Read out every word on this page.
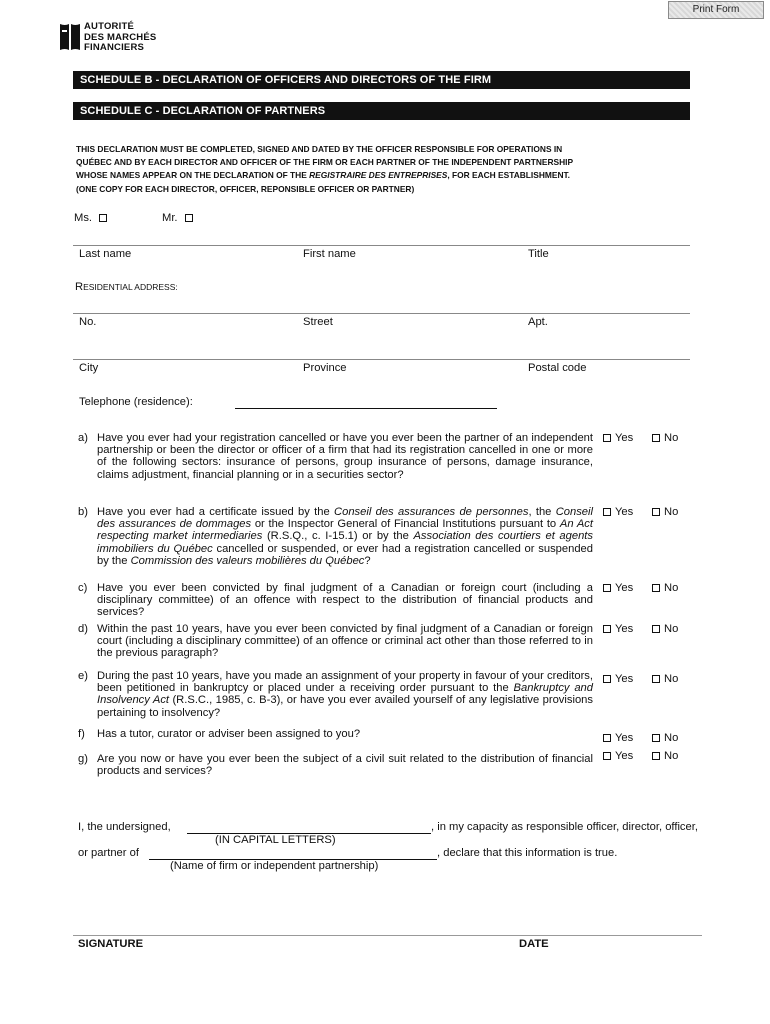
Print Form
AUTORITÉ
DES MARCHÉS
FINANCIERS
SCHEDULE B - DECLARATION OF OFFICERS AND DIRECTORS OF THE FIRM
SCHEDULE C - DECLARATION OF PARTNERS
THIS DECLARATION MUST BE COMPLETED, SIGNED AND DATED BY THE OFFICER RESPONSIBLE FOR OPERATIONS IN
QUÉBEC AND BY EACH DIRECTOR AND OFFICER OF THE FIRM OR EACH PARTNER OF THE INDEPENDENT PARTNERSHIP
WHOSE NAMES APPEAR ON THE DECLARATION OF THE REGISTRAIRE DES ENTREPRISES, FOR EACH ESTABLISHMENT.
(ONE COPY FOR EACH DIRECTOR, OFFICER, REPONSIBLE OFFICER OR PARTNER)
Ms.	Mr.
Last name	First name	Title
RESIDENTIAL ADDRESS:
No.	Street	Apt.
City	Province	Postal code
Telephone (residence):
a) Have you ever had your registration cancelled or have you ever been the partner of an independent partnership or been the director or officer of a firm that had its registration cancelled in one or more of the following sectors: insurance of persons, group insurance of persons, damage insurance, claims adjustment, financial planning or in a securities sector?
Yes	No
b) Have you ever had a certificate issued by the Conseil des assurances de personnes, the Conseil des assurances de dommages or the Inspector General of Financial Institutions pursuant to An Act respecting market intermediaries (R.S.Q., c. I-15.1) or by the Association des courtiers et agents immobiliers du Québec cancelled or suspended, or ever had a registration cancelled or suspended by the Commission des valeurs mobilières du Québec?
Yes	No
c) Have you ever been convicted by final judgment of a Canadian or foreign court (including a disciplinary committee) of an offence with respect to the distribution of financial products and services?
Yes	No
d) Within the past 10 years, have you ever been convicted by final judgment of a Canadian or foreign court (including a disciplinary committee) of an offence or criminal act other than those referred to in the previous paragraph?
Yes	No
e) During the past 10 years, have you made an assignment of your property in favour of your creditors, been petitioned in bankruptcy or placed under a receiving order pursuant to the Bankruptcy and Insolvency Act (R.S.C., 1985, c. B-3), or have you ever availed yourself of any legislative provisions pertaining to insolvency?
Yes	No
f)	Has a tutor, curator or adviser been assigned to you?	Yes	No
g) Are you now or have you ever been the subject of a civil suit related to the distribution of financial products and services?
Yes	No
I, the undersigned,	, in my capacity as responsible officer, director, officer,
(IN CAPITAL LETTERS)
or partner of	, declare that this information is true.
(Name of firm or independent partnership)
SIGNATURE	DATE
